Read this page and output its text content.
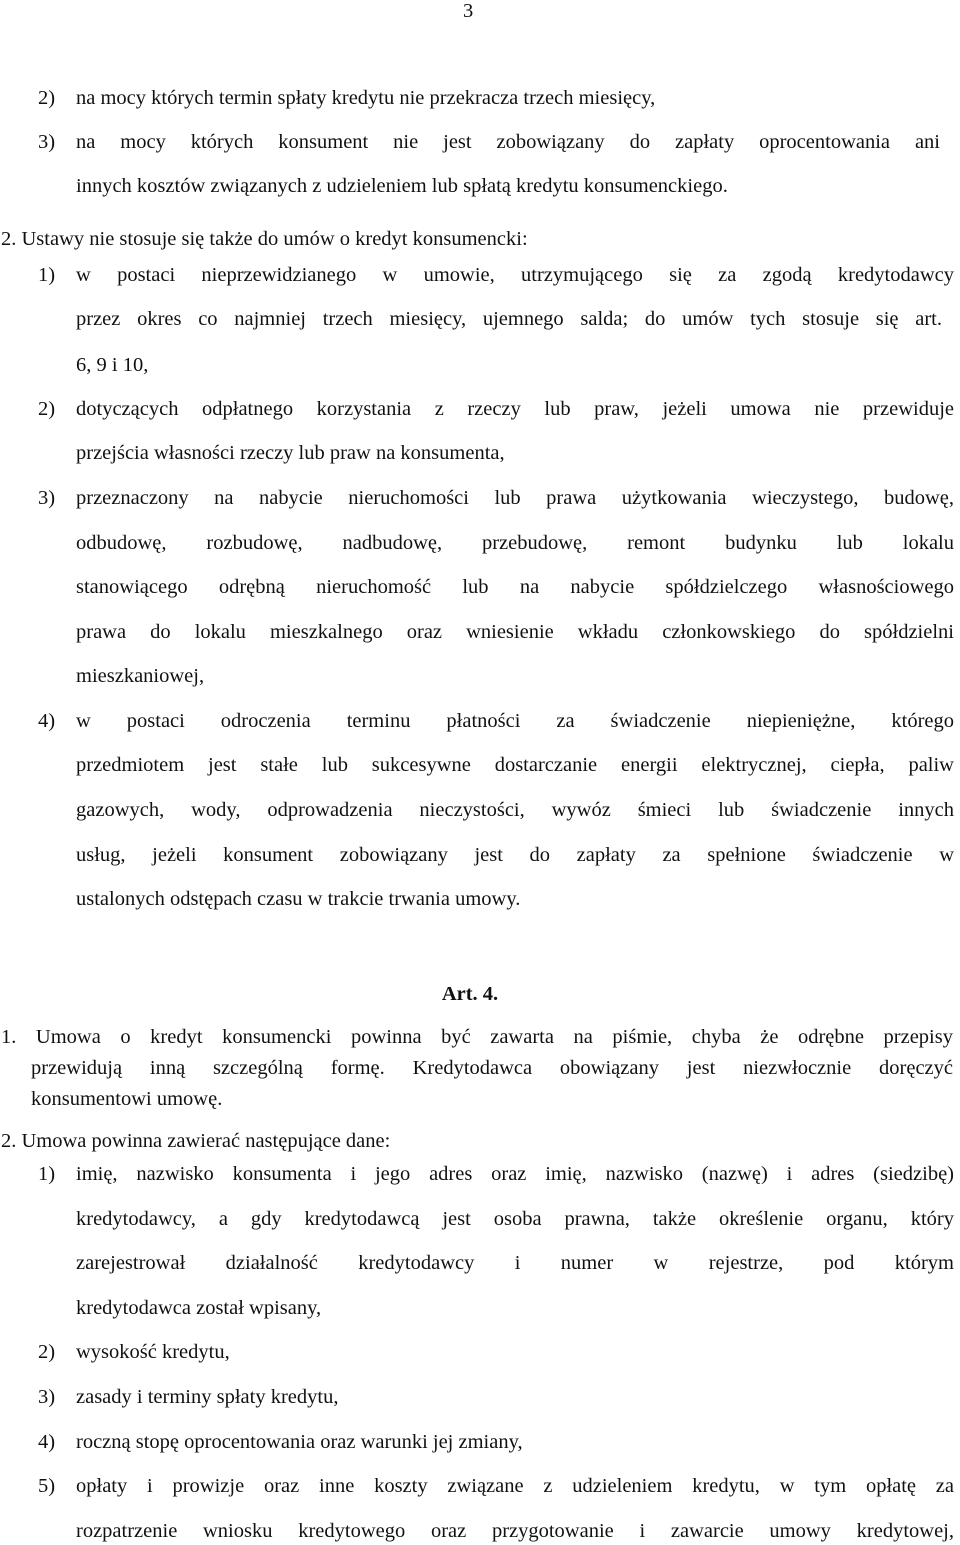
3
2) na mocy których termin spłaty kredytu nie przekracza trzech miesięcy,
3) na mocy których konsument nie jest zobowiązany do zapłaty oprocentowania ani
innych kosztów związanych z udzieleniem lub spłatą kredytu konsumenckiego.
2. Ustawy nie stosuje się także do umów o kredyt konsumencki:
1) w postaci nieprzewidzianego w umowie, utrzymującego się za zgodą kredytodawcy
przez okres co najmniej trzech miesięcy, ujemnego salda; do umów tych stosuje się art.
6, 9 i 10,
2) dotyczących odpłatnego korzystania z rzeczy lub praw, jeżeli umowa nie przewiduje
przejścia własności rzeczy lub praw na konsumenta,
3) przeznaczony na nabycie nieruchomości lub prawa użytkowania wieczystego, budowę,
odbudowę, rozbudowę, nadbudowę, przebudowę, remont budynku lub lokalu
stanowiącego odrębną nieruchomość lub na nabycie spółdzielczego własnościowego
prawa do lokalu mieszkalnego oraz wniesienie wkładu członkowskiego do spółdzielni
mieszkaniowej,
4) w postaci odroczenia terminu płatności za świadczenie niepieniężne, którego
przedmiotem jest stałe lub sukcesywne dostarczanie energii elektrycznej, ciepła, paliw
gazowych, wody, odprowadzenia nieczystości, wywóz śmieci lub świadczenie innych
usług, jeżeli konsument zobowiązany jest do zapłaty za spełnione świadczenie w
ustalonych odstępach czasu w trakcie trwania umowy.
Art. 4.
1. Umowa o kredyt konsumencki powinna być zawarta na piśmie, chyba że odrębne przepisy
przewidują inną szczególną formę. Kredytodawca obowiązany jest niezwłocznie doręczyć
konsumentowi umowę.
2. Umowa powinna zawierać następujące dane:
1) imię, nazwisko konsumenta i jego adres oraz imię, nazwisko (nazwę) i adres (siedzibę)
kredytodawcy, a gdy kredytodawcą jest osoba prawna, także określenie organu, który
zarejestrował działalność kredytodawcy i numer w rejestrze, pod którym
kredytodawca został wpisany,
2) wysokość kredytu,
3) zasady i terminy spłaty kredytu,
4) roczną stopę oprocentowania oraz warunki jej zmiany,
5) opłaty i prowizje oraz inne koszty związane z udzieleniem kredytu, w tym opłatę za
rozpatrzenie wniosku kredytowego oraz przygotowanie i zawarcie umowy kredytowej,
